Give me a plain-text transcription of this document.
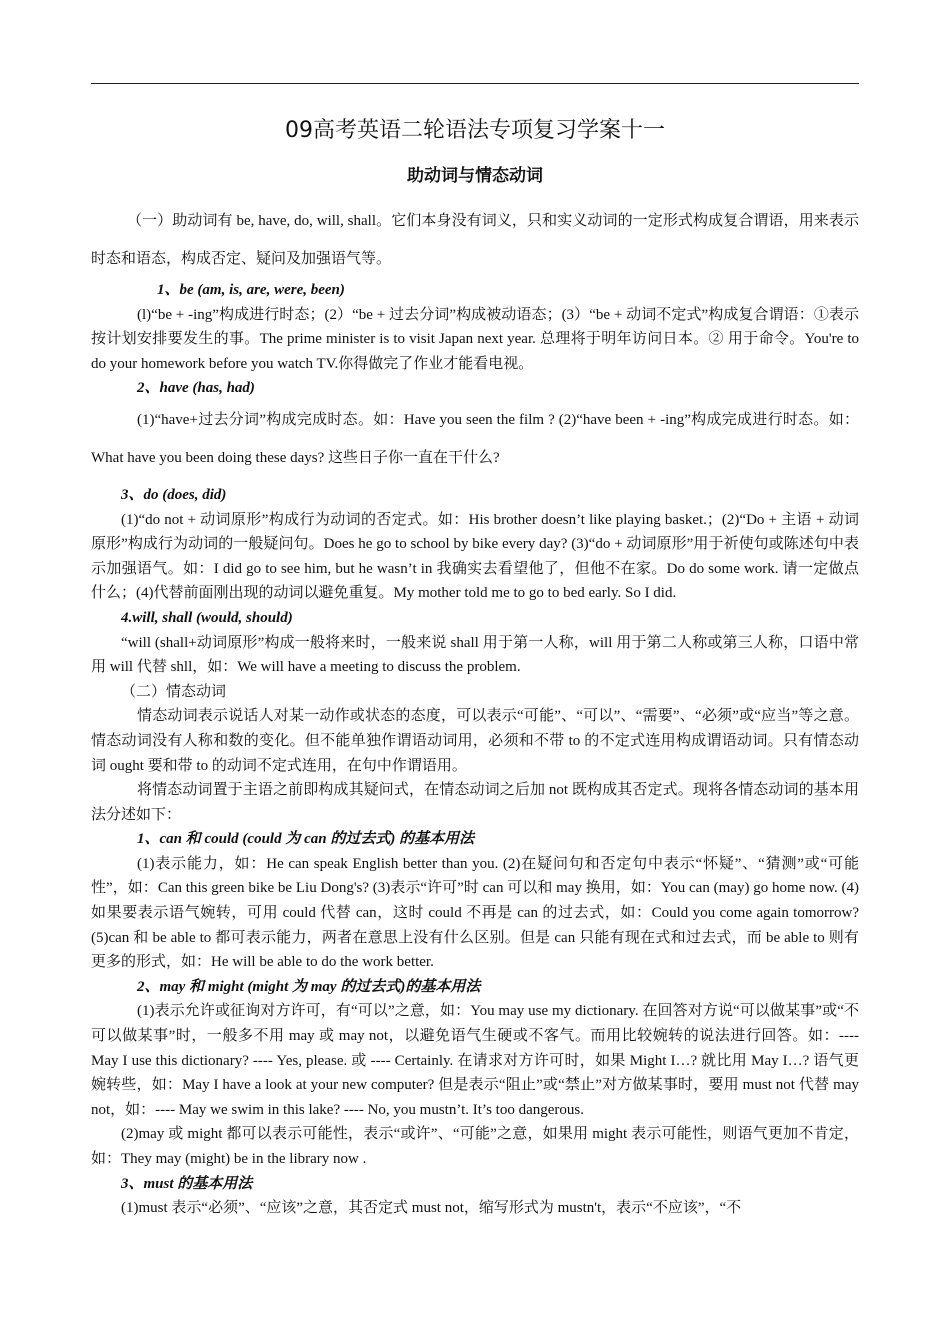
09高考英语二轮语法专项复习学案十一
助动词与情态动词

（一）助动词有 be, have, do, will, shall。它们本身没有词义，只和实义动词的一定形式构成复合谓语，用来表示时态和语态，构成否定、疑问及加强语气等。

1、be (am, is, are, were, been)

(l)“be + -ing”构成进行时态；(2）“be + 过去分词”构成被动语态；(3）“be + 动词不定式”构成复合谓语：①表示按计划安排要发生的事。The prime minister is to visit Japan next year. 总理将于明年访问日本。② 用于命令。You're to do your homework before you watch TV.你得做完了作业才能看电视。

2、have (has, had)

(1)“have+过去分词”构成完成时态。如：Have you seen the film ? (2)“have been + -ing”构成完成进行时态。如：What have you been doing these days? 这些日子你一直在干什么?

3、do (does, did)

(1)“do not + 动词原形”构成行为动词的否定式。如：His brother doesn’t like playing basket.；(2)“Do + 主语 + 动词原形”构成行为动词的一般疑问句。Does he go to school by bike every day? (3)“do + 动词原形”用于祈使句或陈述句中表示加强语气。如：I did go to see him, but he wasn’t in 我确实去看望他了，但他不在家。Do do some work. 请一定做点什么；(4)代替前面刚出现的动词以避免重复。My mother told me to go to bed early. So I did.

4.will, shall (would, should)

“will (shall+动词原形”构成一般将来时，一般来说 shall 用于第一人称，will 用于第二人称或第三人称，口语中常用 will 代替 shll，如：We will have a meeting to discuss the problem.

（二）情态动词

情态动词表示说话人对某一动作或状态的态度，可以表示“可能”、“可以”、“需要”、“必须”或“应当”等之意。情态动词没有人称和数的变化。但不能单独作谓语动词用，必须和不带 to 的不定式连用构成谓语动词。只有情态动词 ought 要和带 to 的动词不定式连用，在句中作谓语用。

将情态动词置于主语之前即构成其疑问式，在情态动词之后加 not 既构成其否定式。现将各情态动词的基本用法分述如下：

1、can 和 could (could 为 can 的过去式) 的基本用法

(1)表示能力，如：He can speak English better than you. (2)在疑问句和否定句中表示“怀疑”、“猜测”或“可能性”，如：Can this green bike be Liu Dong's? (3)表示“许可”时 can 可以和 may 换用，如：You can (may) go home now. (4)如果要表示语气婉转，可用 could 代替 can，这时 could 不再是 can 的过去式，如：Could you come again tomorrow? (5)can 和 be able to 都可表示能力，两者在意思上没有什么区别。但是 can 只能有现在式和过去式，而 be able to 则有更多的形式，如：He will be able to do the work better.

2、may 和 might (might 为 may 的过去式)的基本用法

(1)表示允许或征询对方许可，有“可以”之意，如：You may use my dictionary. 在回答对方说“可以做某事”或“不可以做某事”时，一般多不用 may 或 may not，以避免语气生硬或不客气。而用比较婉转的说法进行回答。如：---- May I use this dictionary? ---- Yes, please. 或 ---- Certainly. 在请求对方许可时，如果 Might I…? 就比用 May I…? 语气更婉转些，如：May I have a look at your new computer? 但是表示“阻止”或“禁止”对方做某事时，要用 must not 代替 may not，如：---- May we swim in this lake? ---- No, you mustn’t. It’s too dangerous.

(2)may 或 might 都可以表示可能性，表示“或许”、“可能”之意，如果用 might 表示可能性，则语气更加不肯定，如：They may (might) be in the library now .

3、must 的基本用法

(1)must 表示“必须”、“应该”之意，其否定式 must not，缩写形式为 mustn't，表示“不应该”，“不
